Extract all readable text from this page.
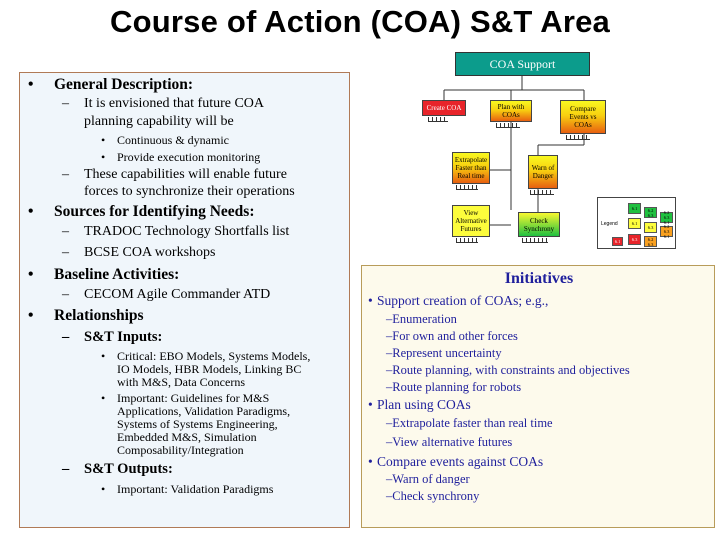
Course of Action (COA) S&T Area
• General Description:
– It is envisioned that future COA
planning capability will be
• Continuous & dynamic
• Provide execution monitoring
– These capabilities will enable future
forces to synchronize their operations
• Sources for Identifying Needs:
– TRADOC Technology Shortfalls list
– BCSE COA workshops
• Baseline Activities:
– CECOM Agile Commander ATD
• Relationships
– S&T Inputs:
• Critical: EBO Models, Systems Models,
IO Models, HBR Models, Linking BC
with M&S, Data Concerns
• Important: Guidelines for M&S
Applications, Validation Paradigms,
Systems of Systems Engineering,
Embedded M&S, Simulation
Composability/Integration
– S&T Outputs:
• Important: Validation Paradigms
COA Support
Create COA	Plan with COAs
Compare Events vs COAs
Extrapolate Faster than Real time
Warn of Danger
View Alternative Futures
Check Synchrony
Legend
6.1
6.1
6.2 6.3
6.3
6.2 6.3
6.3
6.2 6.3 6.1
6.2 6.3 6.1
6.1
Initiatives
• Support creation of COAs; e.g.,
–Enumeration
–For own and other forces
–Represent uncertainty
–Route planning, with constraints and objectives
–Route planning for robots
• Plan using COAs
–Extrapolate faster than real time
–View alternative futures
• Compare events against COAs
–Warn of danger
–Check synchrony
